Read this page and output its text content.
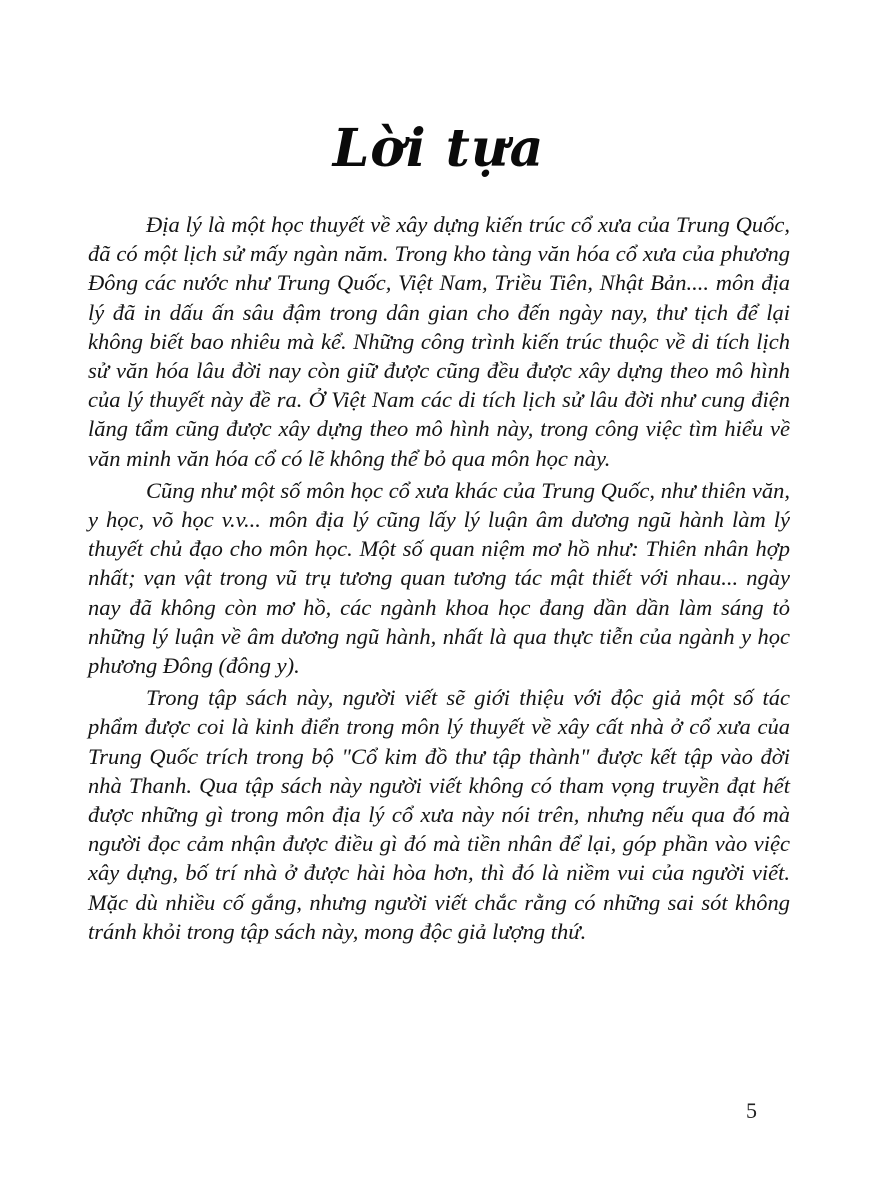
Lời tựa

Địa lý là một học thuyết về xây dựng kiến trúc cổ xưa của Trung Quốc, đã có một lịch sử mấy ngàn năm. Trong kho tàng văn hóa cổ xưa của phương Đông các nước như Trung Quốc, Việt Nam, Triều Tiên, Nhật Bản.... môn địa lý đã in dấu ấn sâu đậm trong dân gian cho đến ngày nay, thư tịch để lại không biết bao nhiêu mà kể. Những công trình kiến trúc thuộc về di tích lịch sử văn hóa lâu đời nay còn giữ được cũng đều được xây dựng theo mô hình của lý thuyết này đề ra. Ở Việt Nam các di tích lịch sử lâu đời như cung điện lăng tẩm cũng được xây dựng theo mô hình này, trong công việc tìm hiểu về văn minh văn hóa cổ có lẽ không thể bỏ qua môn học này.

Cũng như một số môn học cổ xưa khác của Trung Quốc, như thiên văn, y học, võ học v.v... môn địa lý cũng lấy lý luận âm dương ngũ hành làm lý thuyết chủ đạo cho môn học. Một số quan niệm mơ hồ như: Thiên nhân hợp nhất; vạn vật trong vũ trụ tương quan tương tác mật thiết với nhau... ngày nay đã không còn mơ hồ, các ngành khoa học đang dần dần làm sáng tỏ những lý luận về âm dương ngũ hành, nhất là qua thực tiễn của ngành y học phương Đông (đông y).

Trong tập sách này, người viết sẽ giới thiệu với độc giả một số tác phẩm được coi là kinh điển trong môn lý thuyết về xây cất nhà ở cổ xưa của Trung Quốc trích trong bộ "Cổ kim đồ thư tập thành" được kết tập vào đời nhà Thanh. Qua tập sách này người viết không có tham vọng truyền đạt hết được những gì trong môn địa lý cổ xưa này nói trên, nhưng nếu qua đó mà người đọc cảm nhận được điều gì đó mà tiền nhân để lại, góp phần vào việc xây dựng, bố trí nhà ở được hài hòa hơn, thì đó là niềm vui của người viết. Mặc dù nhiều cố gắng, nhưng người viết chắc rằng có những sai sót không tránh khỏi trong tập sách này, mong độc giả lượng thứ.

5
